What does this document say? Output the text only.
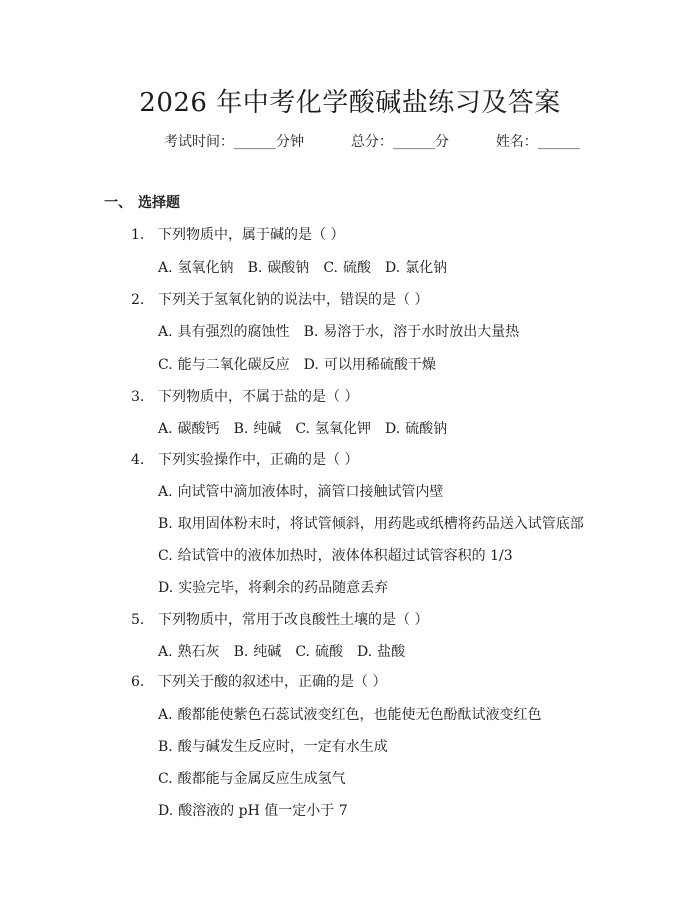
2026 年中考化学酸碱盐练习及答案
考试时间：______分钟	总分：______分	姓名：______
一、 选择题
1. 下列物质中，属于碱的是（ ）
A. 氢氧化钠 B. 碳酸钠 C. 硫酸 D. 氯化钠
2. 下列关于氢氧化钠的说法中，错误的是（ ）
A. 具有强烈的腐蚀性 B. 易溶于水，溶于水时放出大量热
C. 能与二氧化碳反应 D. 可以用稀硫酸干燥
3. 下列物质中，不属于盐的是（ ）
A. 碳酸钙 B. 纯碱 C. 氢氧化钾 D. 硫酸钠
4. 下列实验操作中，正确的是（ ）
A. 向试管中滴加液体时，滴管口接触试管内壁
B. 取用固体粉末时，将试管倾斜，用药匙或纸槽将药品送入试管底部
C. 给试管中的液体加热时，液体体积超过试管容积的 1/3
D. 实验完毕，将剩余的药品随意丢弃
5. 下列物质中，常用于改良酸性土壤的是（ ）
A. 熟石灰 B. 纯碱 C. 硫酸 D. 盐酸
6. 下列关于酸的叙述中，正确的是（ ）
A. 酸都能使紫色石蕊试液变红色，也能使无色酚酞试液变红色
B. 酸与碱发生反应时，一定有水生成
C. 酸都能与金属反应生成氢气
D. 酸溶液的 pH 值一定小于 7
